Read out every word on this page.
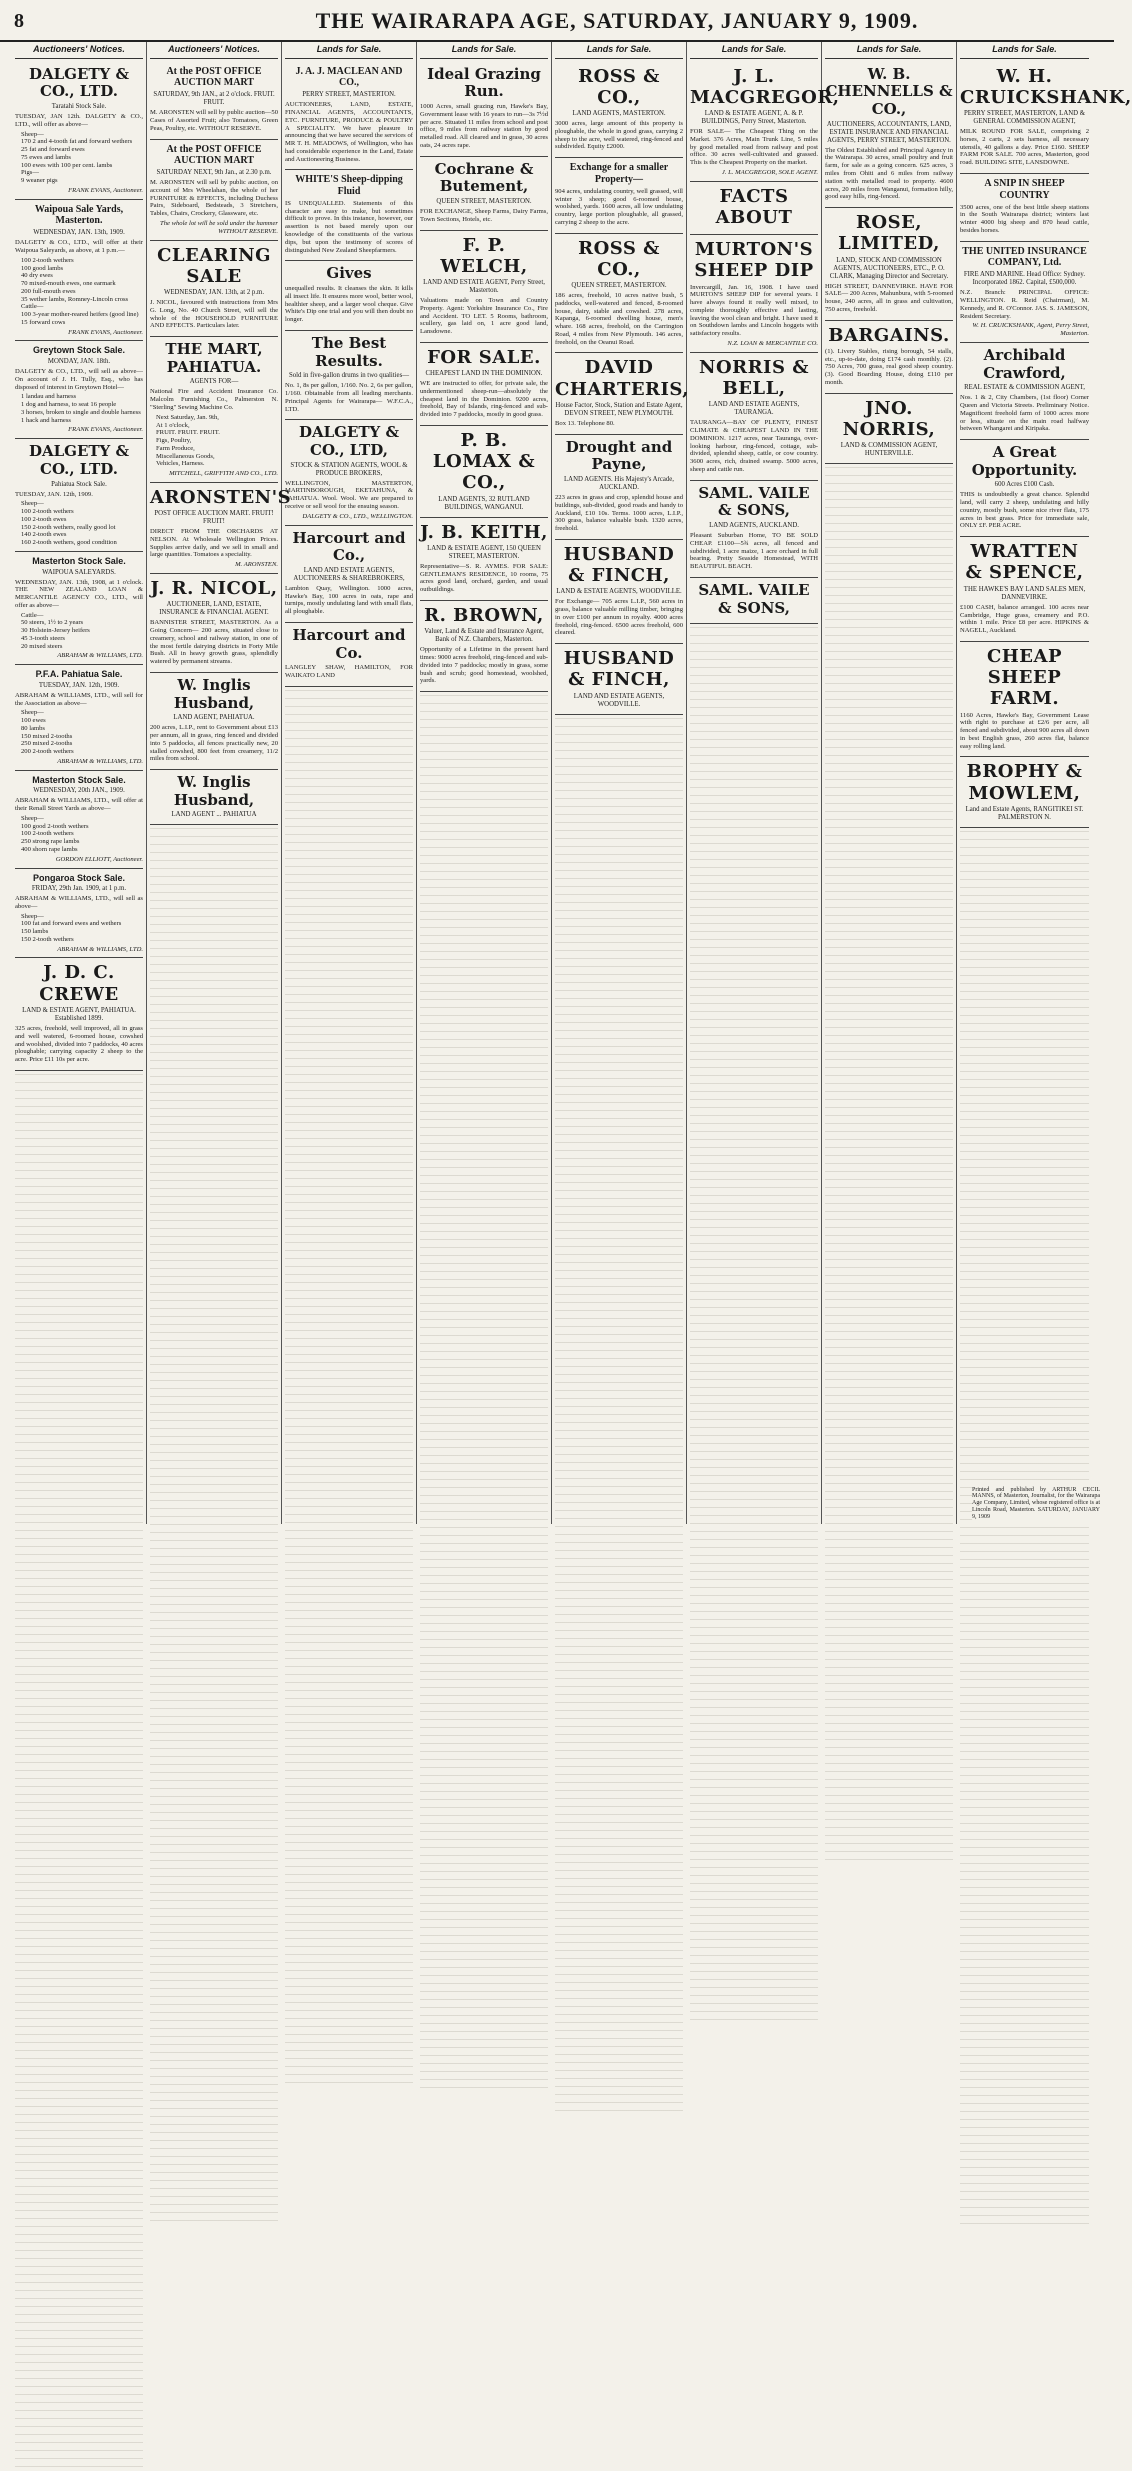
8	THE WAIRARAPA AGE, SATURDAY, JANUARY 9, 1909.
Auctioneers' Notices.
DALGETY & CO., LTD.
Taratahi Stock Sale.
TUESDAY, JAN 12th. DALGETY & CO., LTD., will offer as above—
Sheep—
170 2 and 4-tooth fat and forward wethers
25 fat and forward ewes
75 ewes and lambs
100 ewes with 100 per cent. lambs
Pigs—
9 weaner pigs
FRANK EVANS, Auctioneer.
Waipoua Sale Yards, Masterton.
WEDNESDAY, JAN. 13th, 1909.
DALGETY & CO., LTD., will offer at their Waipoua Saleyards, as above, at 1 p.m.—
100 2-tooth wethers
100 good lambs
40 dry ewes
70 mixed-mouth ewes, one earmark
200 full-mouth ewes
35 wether lambs, Romney-Lincoln cross
Cattle—
100 3-year mother-reared heifers (good line)
15 forward cows
FRANK EVANS, Auctioneer.
Greytown Stock Sale.
MONDAY, JAN. 18th.
DALGETY & CO., LTD., will sell as above—On account of J. H. Tully, Esq., who has disposed of interest in Greytown Hotel—
1 landau and harness
1 dog and harness, to seat 16 people
3 horses, broken to single and double harness
1 hack and harness
FRANK EVANS, Auctioneer.
DALGETY & CO., LTD.
Pahiatua Stock Sale.
TUESDAY, JAN. 12th, 1909.
Sheep—
100 2-tooth wethers
100 2-tooth ewes
150 2-tooth wethers, really good lot
140 2-tooth ewes
160 2-tooth wethers, good condition
Masterton Stock Sale.
WAIPOUA SALEYARDS.
WEDNESDAY, JAN. 13th, 1908, at 1 o'clock. THE NEW ZEALAND LOAN & MERCANTILE AGENCY CO., LTD., will offer as above—
Cattle—
50 steers, 1½ to 2 years
30 Holstein-Jersey heifers
45 3-tooth steers
20 mixed steers
ABRAHAM & WILLIAMS, LTD.
P.F.A. Pahiatua Sale.
TUESDAY, JAN. 12th, 1909.
ABRAHAM & WILLIAMS, LTD., will sell for the Association as above—
Sheep—
100 ewes
80 lambs
150 mixed 2-tooths
250 mixed 2-tooths
200 2-tooth wethers
ABRAHAM & WILLIAMS, LTD.
Masterton Stock Sale.
WEDNESDAY, 20th JAN., 1909.
ABRAHAM & WILLIAMS, LTD., will offer at their Renall Street Yards as above—
Sheep—
100 good 2-tooth wethers
100 2-tooth wethers
250 strong rape lambs
400 shorn rape lambs
GORDON ELLIOTT, Auctioneer.
Pongaroa Stock Sale.
FRIDAY, 29th Jan. 1909, at 1 p.m.
ABRAHAM & WILLIAMS, LTD., will sell as above—
Sheep—
100 fat and forward ewes and wethers
150 lambs
150 2-tooth wethers
ABRAHAM & WILLIAMS, LTD.
J. D. C. CREWE
LAND & ESTATE AGENT, PAHIATUA. Established 1899.
325 acres, freehold, well improved, all in grass and well watered, 6-roomed house, cowshed and woolshed, divided into 7 paddocks, 40 acres ploughable; carrying capacity 2 sheep to the acre. Price £11 10s per acre.
Auctioneers' Notices.
At the POST OFFICE AUCTION MART
SATURDAY, 9th JAN., at 2 o'clock. FRUIT. FRUIT.
M. ARONSTEN will sell by public auction—50 Cases of Assorted Fruit; also Tomatoes, Green Peas, Poultry, etc. WITHOUT RESERVE.
At the POST OFFICE AUCTION MART
SATURDAY NEXT, 9th Jan., at 2.30 p.m.
M. ARONSTEN will sell by public auction, on account of Mrs Wheelahan, the whole of her FURNITURE & EFFECTS, including Duchess Pairs, Sideboard, Bedsteads, 3 Stretchers, Tables, Chairs, Crockery, Glassware, etc.
The whole lot will be sold under the hammer WITHOUT RESERVE.
CLEARING SALE
WEDNESDAY, JAN. 13th, at 2 p.m.
J. NICOL, favoured with instructions from Mrs G. Long, No. 40 Church Street, will sell the whole of the HOUSEHOLD FURNITURE AND EFFECTS. Particulars later.
THE MART, PAHIATUA.
AGENTS FOR—
National Fire and Accident Insurance Co. Malcolm Furnishing Co., Palmerston N. "Sterling" Sewing Machine Co.
Next Saturday, Jan. 9th,
At 1 o'clock,
FRUIT. FRUIT. FRUIT.
Figs, Poultry,
Farm Produce,
Miscellaneous Goods,
Vehicles, Harness.
MITCHELL, GRIFFITH AND CO., LTD.
ARONSTEN'S
POST OFFICE AUCTION MART. FRUIT! FRUIT!
DIRECT FROM THE ORCHARDS AT NELSON. At Wholesale Wellington Prices. Supplies arrive daily, and we sell in small and large quantities. Tomatoes a speciality.
M. ARONSTEN.
J. R. NICOL,
AUCTIONEER, LAND, ESTATE, INSURANCE & FINANCIAL AGENT.
BANNISTER STREET, MASTERTON. As a Going Concern— 200 acres, situated close to creamery, school and railway station, in one of the most fertile dairying districts in Forty Mile Bush. All in heavy growth grass, splendidly watered by permanent streams.
W. Inglis Husband,
LAND AGENT, PAHIATUA.
200 acres, L.I.P., rent to Government about £13 per annum, all in grass, ring fenced and divided into 5 paddocks, all fences practically new, 20 stalled cowshed, 800 feet from creamery, 11/2 miles from school.
W. Inglis Husband,
LAND AGENT ... PAHIATUA
Lands for Sale.
J. A. J. MACLEAN AND CO.,
PERRY STREET, MASTERTON.
AUCTIONEERS, LAND, ESTATE, FINANCIAL AGENTS, ACCOUNTANTS, ETC. FURNITURE, PRODUCE & POULTRY A SPECIALITY. We have pleasure in announcing that we have secured the services of MR T. H. MEADOWS, of Wellington, who has had considerable experience in the Land, Estate and Auctioneering Business.
WHITE'S Sheep-dipping Fluid
IS UNEQUALLED. Statements of this character are easy to make, but sometimes difficult to prove. In this instance, however, our assertion is not based merely upon our knowledge of the constituents of the various dips, but upon the testimony of scores of distinguished New Zealand Sheepfarmers.
Gives
unequalled results. It cleanses the skin. It kills all insect life. It ensures more wool, better wool, healthier sheep, and a larger wool cheque. Give White's Dip one trial and you will then doubt no longer.
The Best Results.
Sold in five-gallon drums in two qualities—
No. 1, 8s per gallon, 1/160. No. 2, 6s per gallon, 1/160. Obtainable from all leading merchants. Principal Agents for Wairarapa— W.F.C.A., LTD.
DALGETY & CO., LTD,
STOCK & STATION AGENTS, WOOL & PRODUCE BROKERS,
WELLINGTON, MASTERTON, MARTINBOROUGH, EKETAHUNA, & PAHIATUA. Wool. Wool. We are prepared to receive or sell wool for the ensuing season.
DALGETY & CO., LTD., WELLINGTON.
Harcourt and Co.,
LAND AND ESTATE AGENTS, AUCTIONEERS & SHAREBROKERS,
Lambton Quay, Wellington. 1000 acres, Hawke's Bay, 100 acres in oats, rape and turnips, mostly undulating land with small flats, all ploughable.
Harcourt and Co.
LANGLEY SHAW, HAMILTON, FOR WAIKATO LAND
Lands for Sale.
Ideal Grazing Run.
1000 Acres, small grazing run, Hawke's Bay, Government lease with 16 years to run—3s 7½d per acre. Situated 11 miles from school and post office, 9 miles from railway station by good metalled road. All cleared and in grass, 30 acres oats, 24 acres rape.
Cochrane & Butement,
QUEEN STREET, MASTERTON.
FOR EXCHANGE, Sheep Farms, Dairy Farms, Town Sections, Hotels, etc.
F. P. WELCH,
LAND AND ESTATE AGENT, Perry Street, Masterton.
Valuations made on Town and Country Property. Agent: Yorkshire Insurance Co., Fire and Accident. TO LET. 5 Rooms, bathroom, scullery, gas laid on, 1 acre good land, Lansdowne.
FOR SALE.
CHEAPEST LAND IN THE DOMINION.
WE are instructed to offer, for private sale, the undermentioned sheep-run—absolutely the cheapest land in the Dominion. 9200 acres, freehold, Bay of Islands, ring-fenced and sub-divided into 7 paddocks, mostly in good grass.
P. B. LOMAX & CO.,
LAND AGENTS, 32 RUTLAND BUILDINGS, WANGANUI.
J. B. KEITH,
LAND & ESTATE AGENT, 150 QUEEN STREET, MASTERTON.
Representative—S. R. AYMES. FOR SALE: GENTLEMAN'S RESIDENCE, 10 rooms, 75 acres good land, orchard, garden, and usual outbuildings.
R. BROWN,
Valuer, Land & Estate and Insurance Agent, Bank of N.Z. Chambers, Masterton.
Opportunity of a Lifetime in the present hard times: 9000 acres freehold, ring-fenced and sub-divided into 7 paddocks; mostly in grass, some bush and scrub; good homestead, woolshed, yards.
Lands for Sale.
ROSS & CO.,
LAND AGENTS, MASTERTON.
3000 acres, large amount of this property is ploughable, the whole in good grass, carrying 2 sheep to the acre, well watered, ring-fenced and subdivided. Equity £2000.
Exchange for a smaller Property—
904 acres, undulating country, well grassed, will winter 3 sheep; good 6-roomed house, woolshed, yards. 1600 acres, all low undulating country, large portion ploughable, all grassed, carrying 2 sheep to the acre.
ROSS & CO.,
QUEEN STREET, MASTERTON.
186 acres, freehold, 10 acres native bush, 5 paddocks, well-watered and fenced, 8-roomed house, dairy, stable and cowshed. 278 acres, Kapanga, 6-roomed dwelling house, men's whare. 168 acres, freehold, on the Carrington Road, 4 miles from New Plymouth. 146 acres, freehold, on the Oeanui Road.
DAVID CHARTERIS,
House Factor, Stock, Station and Estate Agent, DEVON STREET, NEW PLYMOUTH.
Box 13. Telephone 80.
Drought and Payne,
LAND AGENTS. His Majesty's Arcade, AUCKLAND.
223 acres in grass and crop, splendid house and buildings, sub-divided, good roads and handy to Auckland, £10 10s. Terms. 1000 acres, L.I.P., 300 grass, balance valuable bush. 1320 acres, freehold.
HUSBAND & FINCH,
LAND & ESTATE AGENTS, WOODVILLE.
For Exchange— 705 acres L.I.P., 560 acres in grass, balance valuable milling timber, bringing in over £100 per annum in royalty. 4000 acres freehold, ring-fenced. 6500 acres freehold, 600 cleared.
HUSBAND & FINCH,
LAND AND ESTATE AGENTS, WOODVILLE.
Lands for Sale.
J. L. MACGREGOR,
LAND & ESTATE AGENT, A. & P. BUILDINGS, Perry Street, Masterton.
FOR SALE— The Cheapest Thing on the Market. 376 Acres, Main Trunk Line, 5 miles by good metalled road from railway and post office. 30 acres well-cultivated and grassed. This is the Cheapest Property on the market.
J. L. MACGREGOR, SOLE AGENT.
FACTS ABOUT
MURTON'S SHEEP DIP
Invercargill, Jan. 16, 1908. I have used MURTON'S SHEEP DIP for several years. I have always found it really well mixed, to complete thoroughly effective and lasting, leaving the wool clean and bright. I have used it on Southdown lambs and Lincoln hoggets with satisfactory results.
N.Z. LOAN & MERCANTILE CO.
NORRIS & BELL,
LAND AND ESTATE AGENTS, TAURANGA.
TAURANGA—BAY OF PLENTY, FINEST CLIMATE & CHEAPEST LAND IN THE DOMINION. 1217 acres, near Tauranga, over-looking harbour, ring-fenced, cottage, sub-divided, splendid sheep, cattle, or cow country. 3600 acres, rich, drained swamp. 5000 acres, sheep and cattle run.
SAML. VAILE & SONS,
LAND AGENTS, AUCKLAND.
Pleasant Suburban Home, TO BE SOLD CHEAP. £1100—5¾ acres, all fenced and subdivided, 1 acre maize, 1 acre orchard in full bearing. Pretty Seaside Homestead, WITH BEAUTIFUL BEACH.
SAML. VAILE & SONS,
Lands for Sale.
W. B. CHENNELLS & CO.,
AUCTIONEERS, ACCOUNTANTS, LAND, ESTATE INSURANCE AND FINANCIAL AGENTS, PERRY STREET, MASTERTON.
The Oldest Established and Principal Agency in the Wairarapa. 30 acres, small poultry and fruit farm, for sale as a going concern. 625 acres, 3 miles from Ohiti and 6 miles from railway station with metalled road to property. 4600 acres, 20 miles from Wanganui, formation hilly, good easy hills, ring-fenced.
ROSE, LIMITED,
LAND, STOCK AND COMMISSION AGENTS, AUCTIONEERS, ETC., P. O. CLARK, Managing Director and Secretary.
HIGH STREET, DANNEVIRKE. HAVE FOR SALE— 200 Acres, Mahunbura, with 5-roomed house, 240 acres, all in grass and cultivation, 750 acres, freehold.
BARGAINS.
(1). Livery Stables, rising borough, 54 stalls, etc., up-to-date, doing £174 cash monthly. (2). 750 Acres, 700 grass, real good sheep country. (3). Good Boarding House, doing £110 per month.
JNO. NORRIS,
LAND & COMMISSION AGENT, HUNTERVILLE.
Lands for Sale.
W. H. CRUICKSHANK,
PERRY STREET, MASTERTON, LAND & GENERAL COMMISSION AGENT,
MILK ROUND FOR SALE, comprising 2 horses, 2 carts, 2 sets harness, all necessary utensils, 40 gallons a day. Price £160. SHEEP FARM FOR SALE. 700 acres, Masterton, good road. BUILDING SITE, LANSDOWNE.
A SNIP IN SHEEP COUNTRY
3500 acres, one of the best little sheep stations in the South Wairarapa district; winters last winter 4000 big sheep and 870 head cattle, besides horses.
THE UNITED INSURANCE COMPANY, Ltd.
FIRE AND MARINE. Head Office: Sydney. Incorporated 1862. Capital, £500,000.
N.Z. Branch: PRINCIPAL OFFICE: WELLINGTON. R. Reid (Chairman), M. Kennedy, and R. O'Connor. JAS. S. JAMESON, Resident Secretary.
W. H. CRUICKSHANK, Agent, Perry Street, Masterton.
Archibald Crawford,
REAL ESTATE & COMMISSION AGENT,
Nos. 1 & 2, City Chambers, (1st floor) Corner Queen and Victoria Streets. Preliminary Notice. Magnificent freehold farm of 1000 acres more or less, situate on the main road halfway between Whangarei and Kiripaka.
A Great Opportunity.
600 Acres £100 Cash.
THIS is undoubtedly a great chance. Splendid land, will carry 2 sheep, undulating and hilly country, mostly bush, some nice river flats, 175 acres in best grass. Price for immediate sale, ONLY £F. PER ACRE.
WRATTEN & SPENCE,
THE HAWKE'S BAY LAND SALES MEN, DANNEVIRKE.
£100 CASH, balance arranged. 100 acres near Cambridge, Huge grass, creamery and P.O. within 1 mile. Price £8 per acre. HIPKINS & NAGELL, Auckland.
CHEAP SHEEP FARM.
1160 Acres, Hawke's Bay, Government Lease with right to purchase at £2/6 per acre, all fenced and subdivided, about 900 acres all down in best English grass, 260 acres flat, balance easy rolling land.
BROPHY & MOWLEM,
Land and Estate Agents, RANGITIKEI ST. PALMERSTON N.
Printed and published by ARTHUR CECIL MANNS, of Masterton, Journalist, for the Wairarapa Age Company, Limited, whose registered office is at Lincoln Road, Masterton. SATURDAY, JANUARY 9, 1909
